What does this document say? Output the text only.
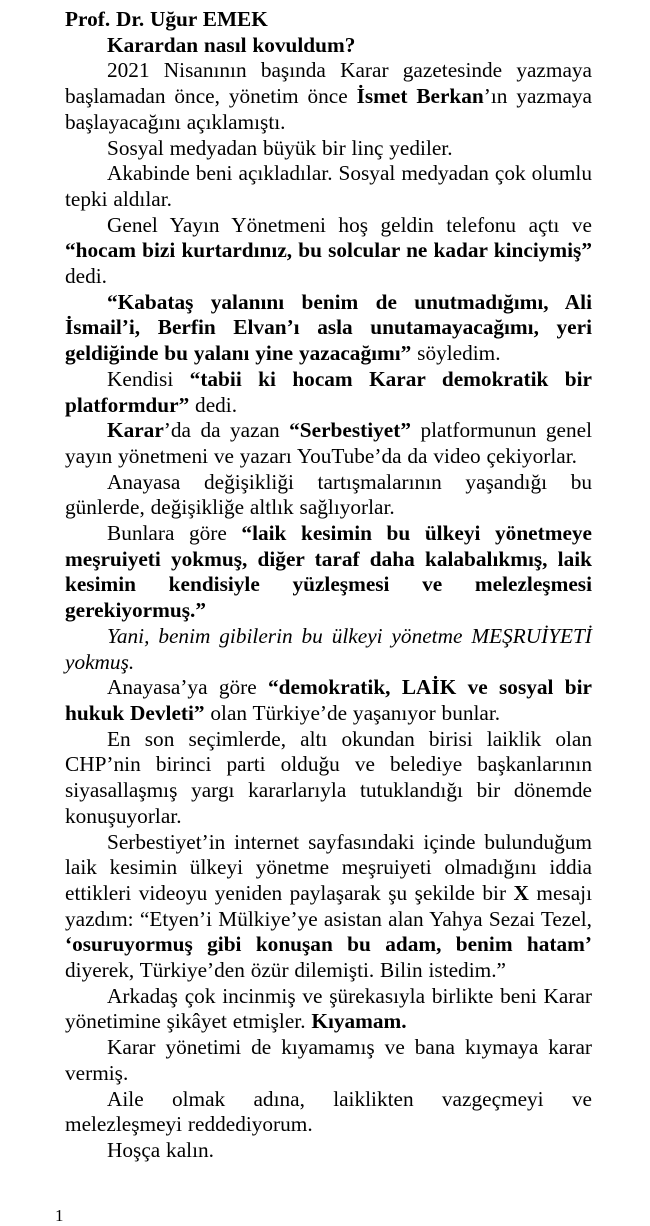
Prof. Dr. Uğur EMEK

Karardan nasıl kovuldum?

2021 Nisanının başında Karar gazetesinde yazmaya başlamadan önce, yönetim önce İsmet Berkan’ın yazmaya başlayacağını açıklamıştı.

Sosyal medyadan büyük bir linç yediler.

Akabinde beni açıkladılar. Sosyal medyadan çok olumlu tepki aldılar.

Genel Yayın Yönetmeni hoş geldin telefonu açtı ve “hocam bizi kurtardınız, bu solcular ne kadar kinciymiş” dedi.

“Kabataş yalanını benim de unutmadığımı, Ali İsmail’i, Berfin Elvan’ı asla unutamayacağımı, yeri geldiğinde bu yalanı yine yazacağımı” söyledim.

Kendisi “tabii ki hocam Karar demokratik bir platformdur” dedi.

Karar’da da yazan “Serbestiyet” platformunun genel yayın yönetmeni ve yazarı YouTube’da da video çekiyorlar.

Anayasa değişikliği tartışmalarının yaşandığı bu günlerde, değişikliğe altlık sağlıyorlar.

Bunlara göre “laik kesimin bu ülkeyi yönetmeye meşruiyeti yokmuş, diğer taraf daha kalabalıkmış, laik kesimin kendisiyle yüzleşmesi ve melezleşmesi gerekiyormuş.”

Yani, benim gibilerin bu ülkeyi yönetme MEŞRUİYETİ yokmuş.

Anayasa’ya göre “demokratik, LAİK ve sosyal bir hukuk Devleti” olan Türkiye’de yaşanıyor bunlar.

En son seçimlerde, altı okundan birisi laiklik olan CHP’nin birinci parti olduğu ve belediye başkanlarının siyasallaşmış yargı kararlarıyla tutuklandığı bir dönemde konuşuyorlar.

Serbestiyet’in internet sayfasındaki içinde bulunduğum laik kesimin ülkeyi yönetme meşruiyeti olmadığını iddia ettikleri videoyu yeniden paylaşarak şu şekilde bir X mesajı yazdım: “Etyen’i Mülkiye’ye asistan alan Yahya Sezai Tezel, ‘osuruyormuş gibi konuşan bu adam, benim hatam’ diyerek, Türkiye’den özür dilemişti. Bilin istedim.”

Arkadaş çok incinmiş ve şürekasıyla birlikte beni Karar yönetimine şikâyet etmişler. Kıyamam.

Karar yönetimi de kıyamamış ve bana kıymaya karar vermiş.

Aile olmak adına, laiklikten vazgeçmeyi ve melezleşmeyi reddediyorum.

Hoşça kalın.

1
